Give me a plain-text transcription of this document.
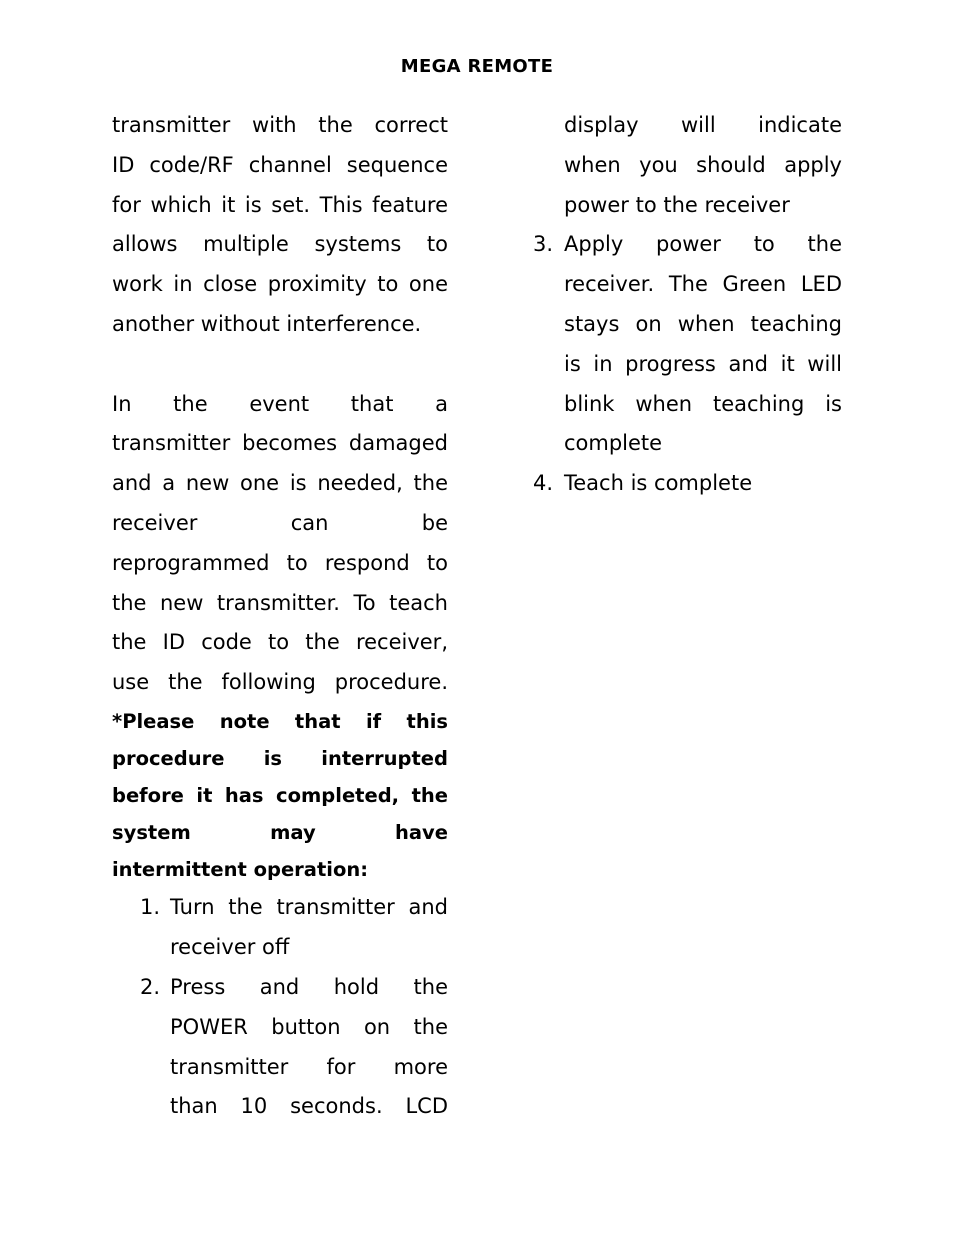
MEGA REMOTE
transmitter with the correct
ID code/RF channel sequence
for which it is set. This feature
allows multiple systems to
work in close proximity to one
another without interference.
In the event that a
transmitter becomes damaged
and a new one is needed, the
receiver can be
reprogrammed to respond to
the new transmitter. To teach
the ID code to the receiver,
use the following procedure.
*Please note that if this
procedure is interrupted
before it has completed, the
system may have
intermittent operation:
1. Turn the transmitter and
receiver off
2. Press and hold the
POWER button on the
transmitter for more
than 10 seconds. LCD
display will indicate
when you should apply
power to the receiver
3. Apply power to the
receiver. The Green LED
stays on when teaching
is in progress and it will
blink when teaching is
complete
4. Teach is complete
